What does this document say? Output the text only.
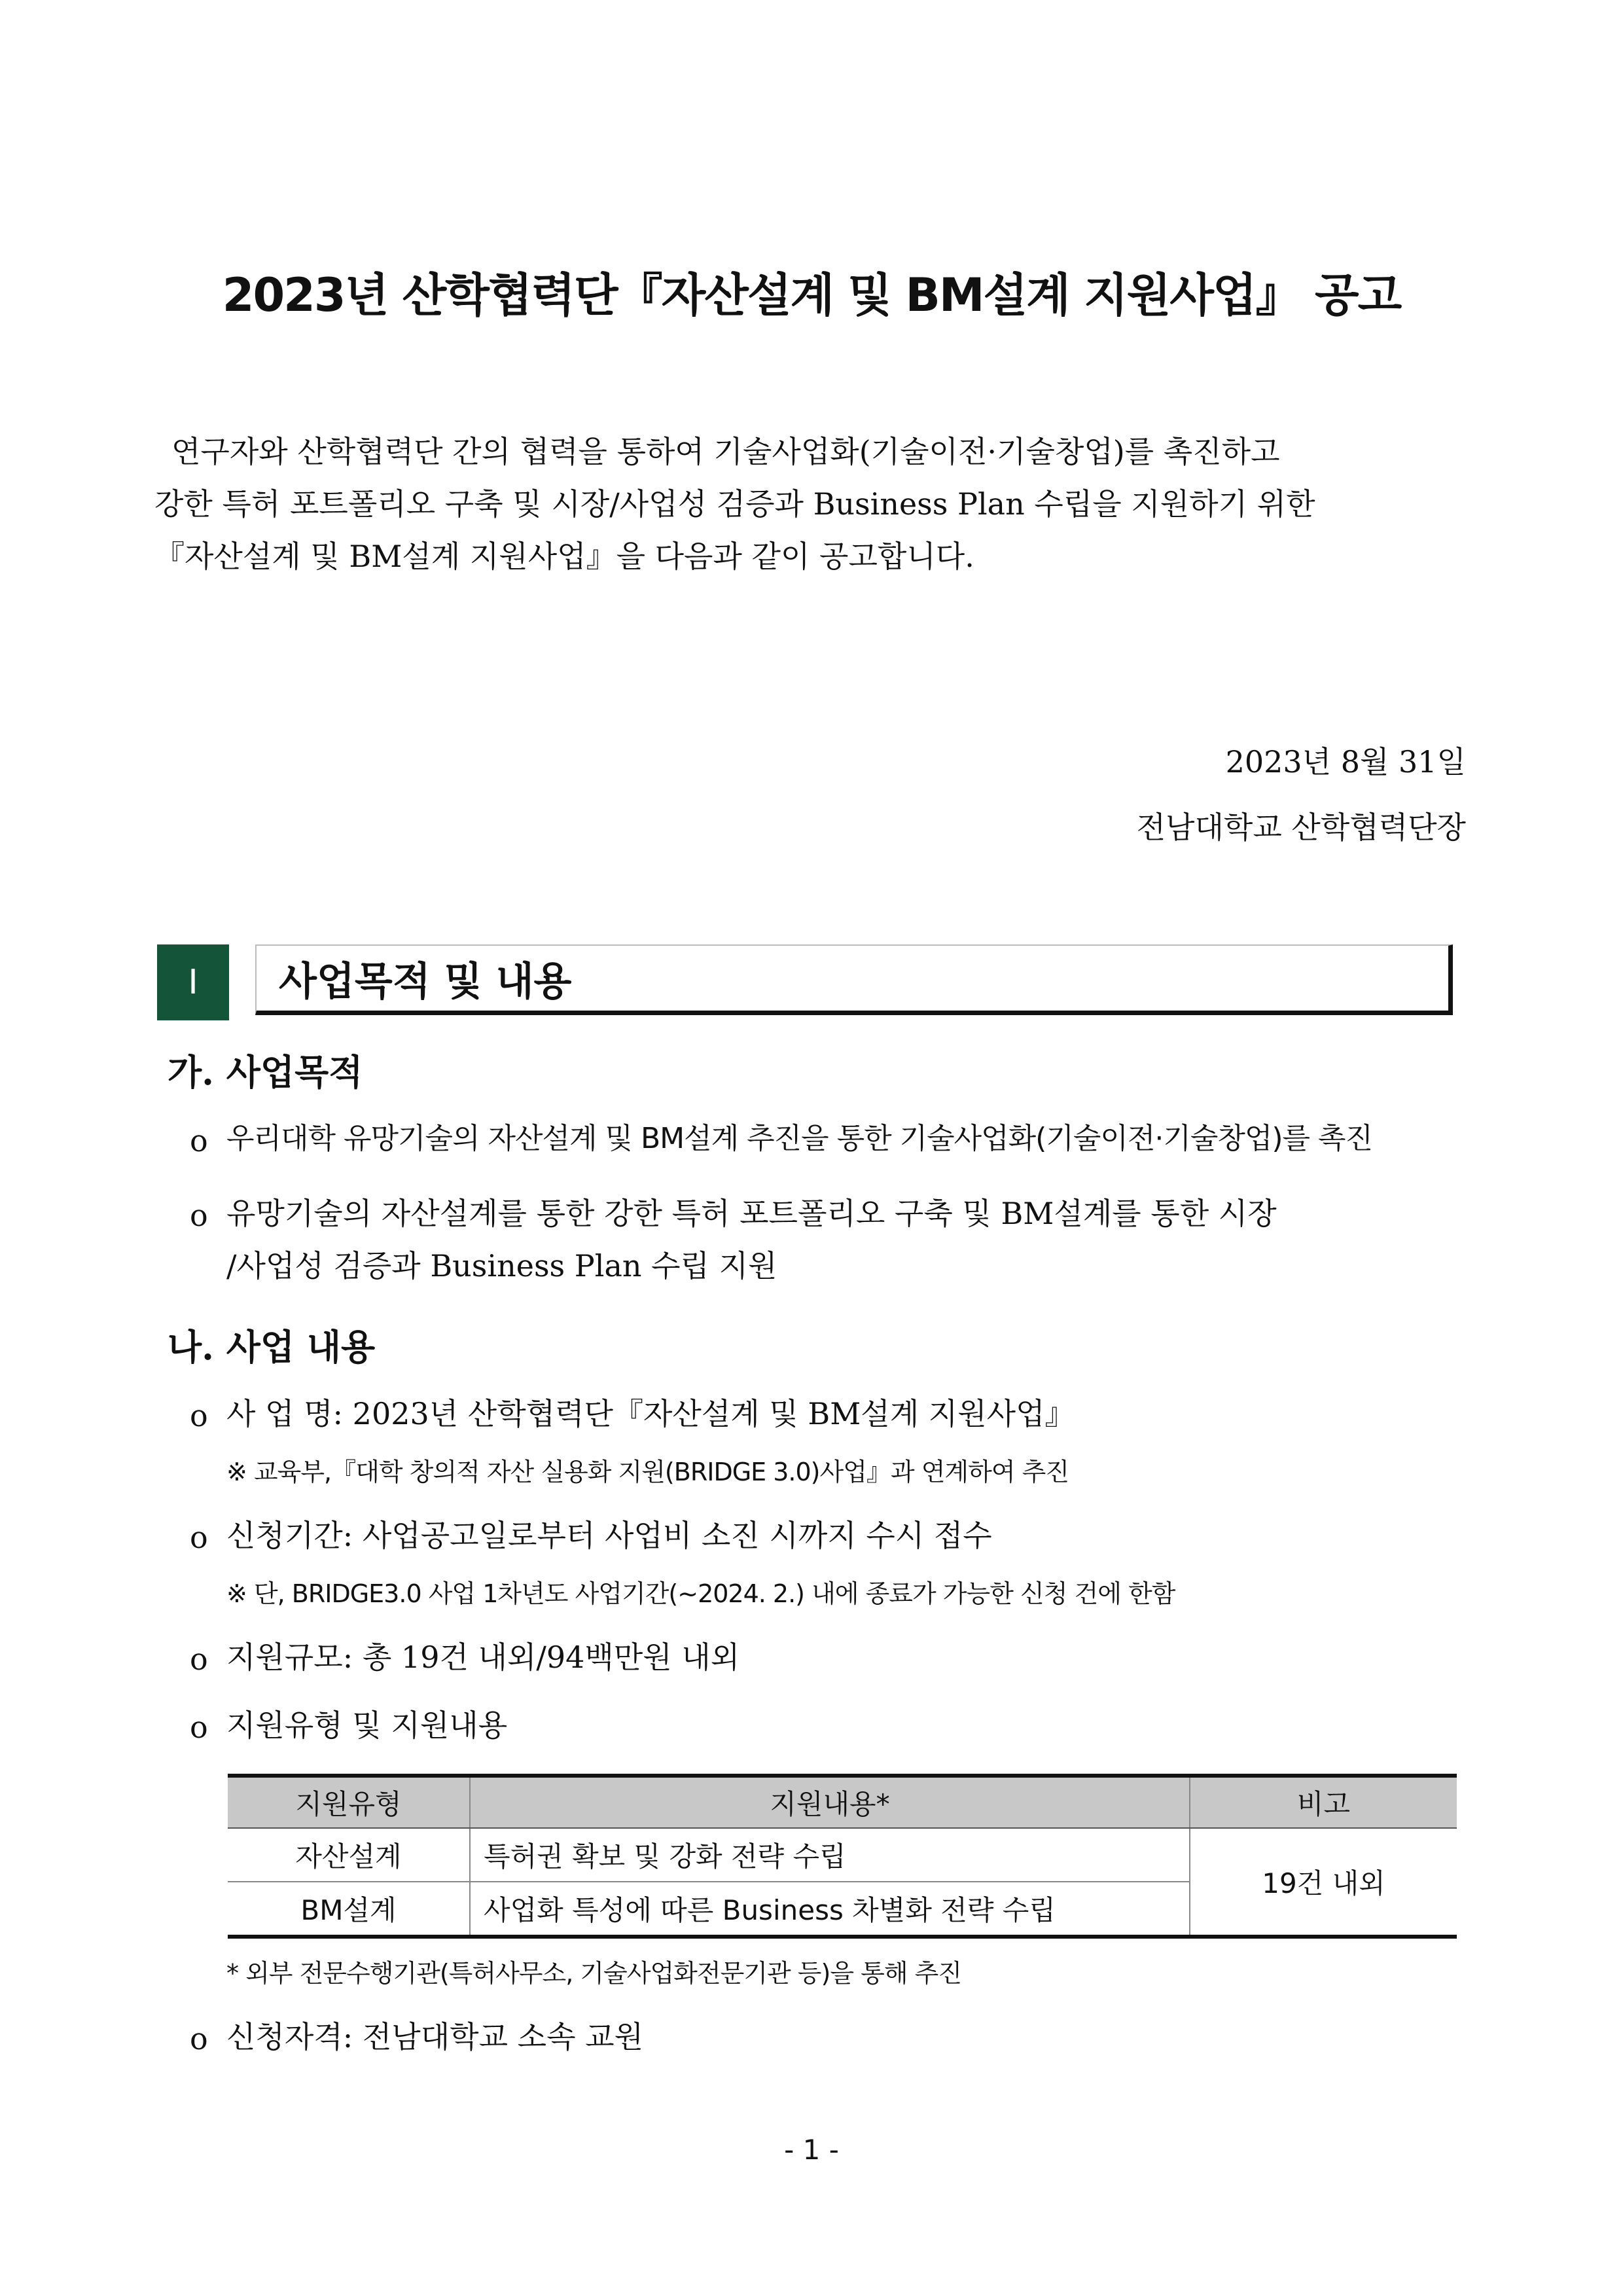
2023년 산학협력단『자산설계 및 BM설계 지원사업』 공고

연구자와 산학협력단 간의 협력을 통하여 기술사업화(기술이전·기술창업)를 촉진하고

강한 특허 포트폴리오 구축 및 시장/사업성 검증과 Business Plan 수립을 지원하기 위한

『자산설계 및 BM설계 지원사업』을 다음과 같이 공고합니다.

2023년 8월 31일
전남대학교 산학협력단장
Ⅰ	사업목적 및 내용
가. 사업목적
o 우리대학 유망기술의 자산설계 및 BM설계 추진을 통한 기술사업화(기술이전·기술창업)를 촉진
o 유망기술의 자산설계를 통한 강한 특허 포트폴리오 구축 및 BM설계를 통한 시장
/사업성 검증과 Business Plan 수립 지원
나. 사업 내용
o 사 업 명: 2023년 산학협력단『자산설계 및 BM설계 지원사업』
※ 교육부,『대학 창의적 자산 실용화 지원(BRIDGE 3.0)사업』과 연계하여 추진
o 신청기간: 사업공고일로부터 사업비 소진 시까지 수시 접수
※ 단, BRIDGE3.0 사업 1차년도 사업기간(~2024. 2.) 내에 종료가 가능한 신청 건에 한함
o 지원규모: 총 19건 내외/94백만원 내외
o 지원유형 및 지원내용
지원유형	지원내용*	비고
자산설계	특허권 확보 및 강화 전략 수립	19건 내외
BM설계	사업화 특성에 따른 Business 차별화 전략 수립	
* 외부 전문수행기관(특허사무소, 기술사업화전문기관 등)을 통해 추진
o 신청자격: 전남대학교 소속 교원
- 1 -
